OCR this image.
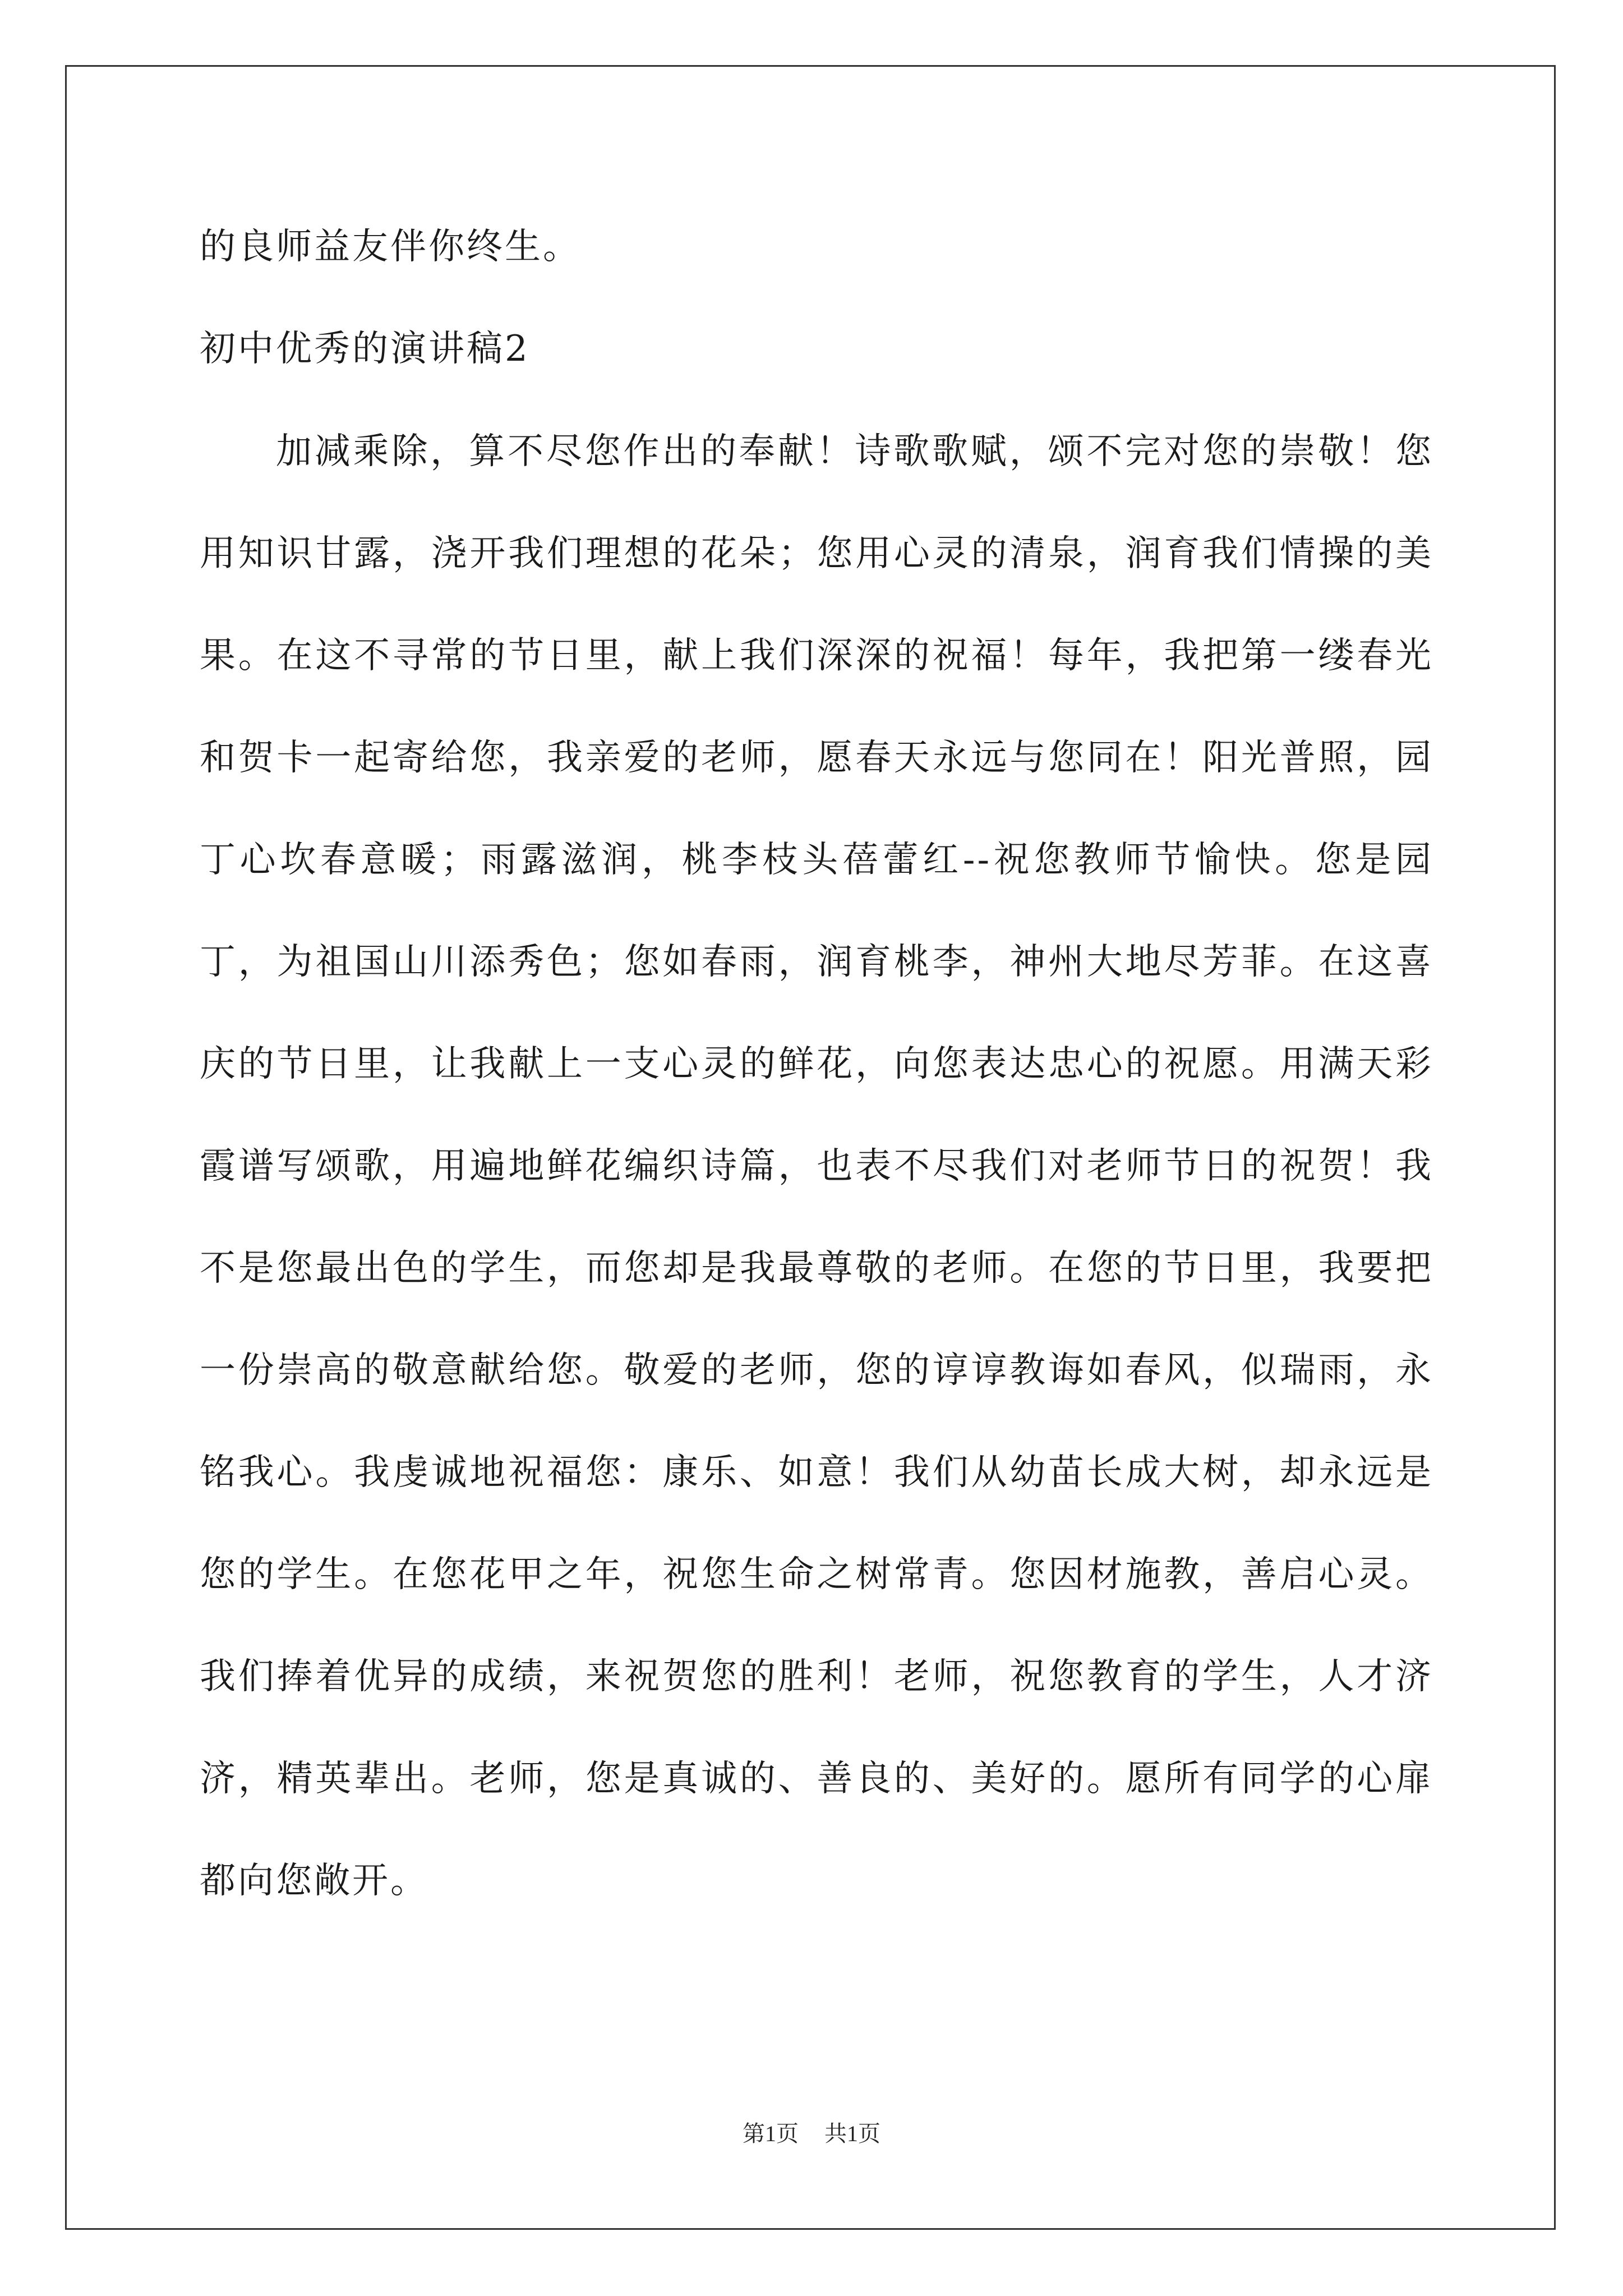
的良师益友伴你终生。

初中优秀的演讲稿2

加减乘除，算不尽您作出的奉献！诗歌歌赋，颂不完对您的崇敬！您用知识甘露，浇开我们理想的花朵；您用心灵的清泉，润育我们情操的美果。在这不寻常的节日里，献上我们深深的祝福！每年，我把第一缕春光和贺卡一起寄给您，我亲爱的老师，愿春天永远与您同在！阳光普照，园丁心坎春意暖；雨露滋润，桃李枝头蓓蕾红--祝您教师节愉快。您是园丁，为祖国山川添秀色；您如春雨，润育桃李，神州大地尽芳菲。在这喜庆的节日里，让我献上一支心灵的鲜花，向您表达忠心的祝愿。用满天彩霞谱写颂歌，用遍地鲜花编织诗篇，也表不尽我们对老师节日的祝贺！我不是您最出色的学生，而您却是我最尊敬的老师。在您的节日里，我要把一份崇高的敬意献给您。敬爱的老师，您的谆谆教诲如春风，似瑞雨，永铭我心。我虔诚地祝福您：康乐、如意！我们从幼苗长成大树，却永远是您的学生。在您花甲之年，祝您生命之树常青。您因材施教，善启心灵。我们捧着优异的成绩，来祝贺您的胜利！老师，祝您教育的学生，人才济济，精英辈出。老师，您是真诚的、善良的、美好的。愿所有同学的心扉都向您敞开。

第1页 共1页
